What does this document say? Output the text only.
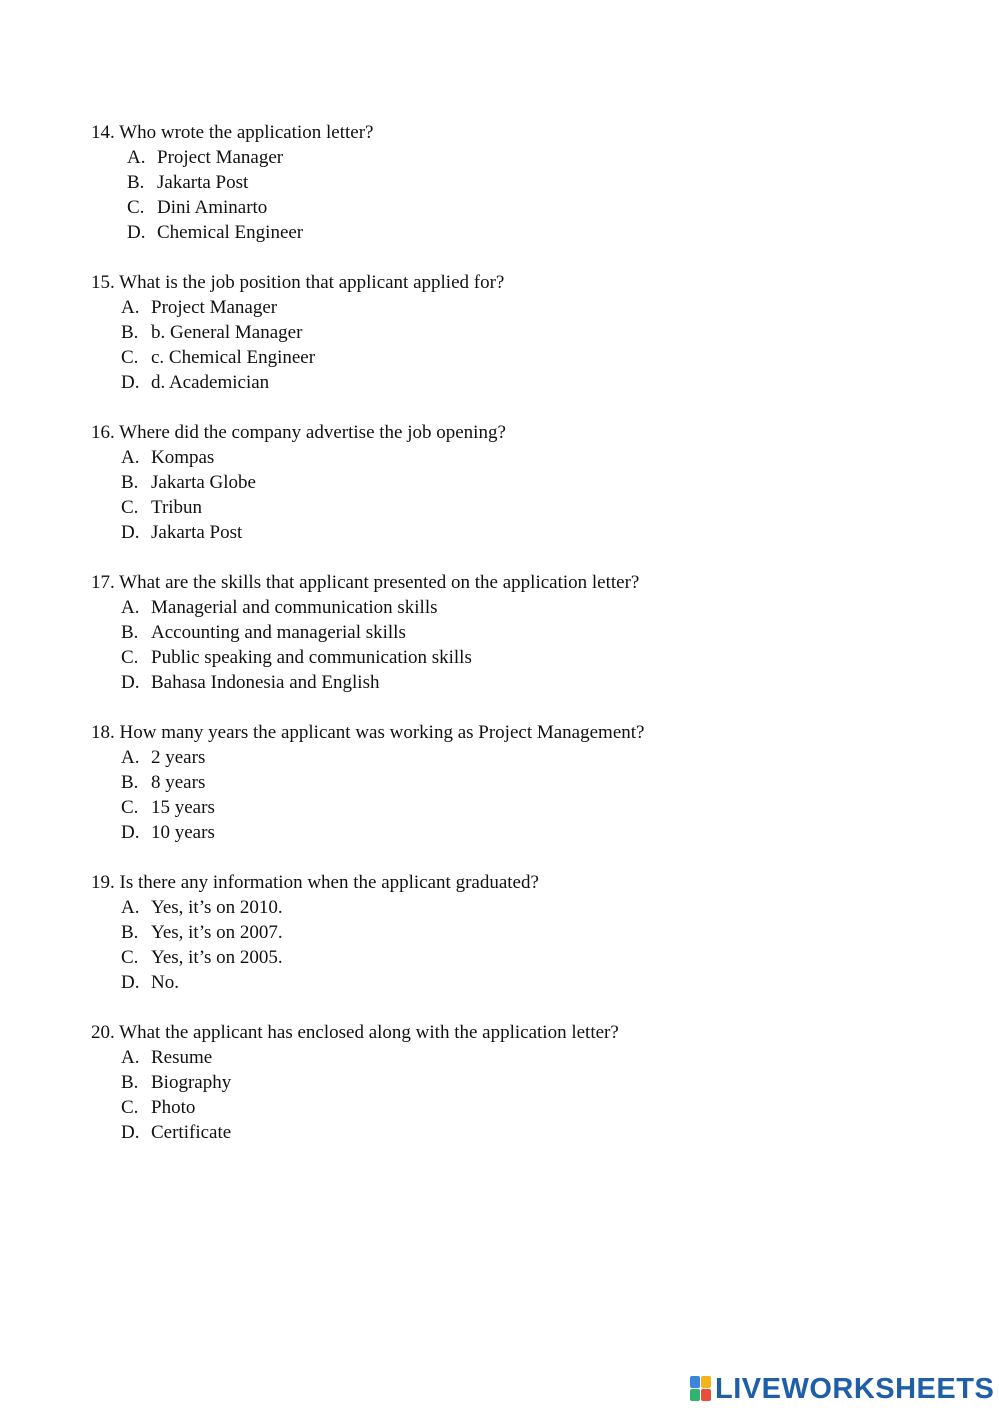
14. Who wrote the application letter?
A. Project Manager
B. Jakarta Post
C. Dini Aminarto
D. Chemical Engineer
15. What is the job position that applicant applied for?
A. Project Manager
B. b. General Manager
C. c. Chemical Engineer
D. d. Academician
16. Where did the company advertise the job opening?
A. Kompas
B. Jakarta Globe
C. Tribun
D. Jakarta Post
17. What are the skills that applicant presented on the application letter?
A. Managerial and communication skills
B. Accounting and managerial skills
C. Public speaking and communication skills
D. Bahasa Indonesia and English
18. How many years the applicant was working as Project Management?
A. 2 years
B. 8 years
C. 15 years
D. 10 years
19. Is there any information when the applicant graduated?
A. Yes, it’s on 2010.
B. Yes, it’s on 2007.
C. Yes, it’s on 2005.
D. No.
20. What the applicant has enclosed along with the application letter?
A. Resume
B. Biography
C. Photo
D. Certificate
LIVEWORKSHEETS
